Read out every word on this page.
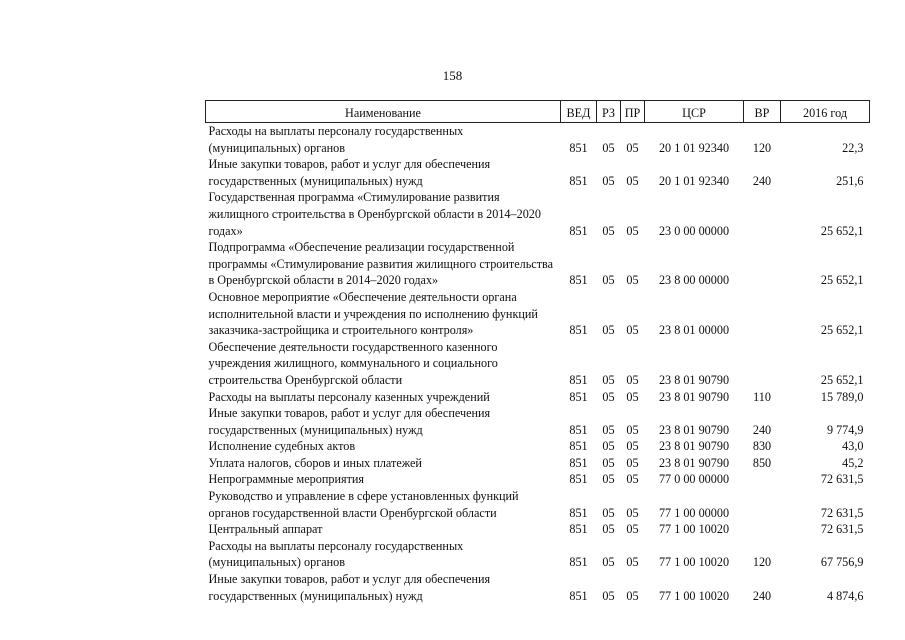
158
Наименование	ВЕД	РЗ	ПР	ЦСР	ВР	2016 год
Расходы на выплаты персоналу государственных (муниципальных) органов	851	05	05	20 1 01 92340	120	22,3
Иные закупки товаров, работ и услуг для обеспечения государственных (муниципальных) нужд	851	05	05	20 1 01 92340	240	251,6
Государственная программа «Стимулирование развития жилищного строительства в Оренбургской области в 2014–2020 годах»	851	05	05	23 0 00 00000		25 652,1
Подпрограмма «Обеспечение реализации государственной программы «Стимулирование развития жилищного строительства в Оренбургской области в 2014–2020 годах»	851	05	05	23 8 00 00000		25 652,1
Основное мероприятие «Обеспечение деятельности органа исполнительной власти и учреждения по исполнению функций заказчика-застройщика и строительного контроля»	851	05	05	23 8 01 00000		25 652,1
Обеспечение деятельности государственного казенного учреждения жилищного, коммунального и социального строительства Оренбургской области	851	05	05	23 8 01 90790		25 652,1
Расходы на выплаты персоналу казенных учреждений	851	05	05	23 8 01 90790	110	15 789,0
Иные закупки товаров, работ и услуг для обеспечения государственных (муниципальных) нужд	851	05	05	23 8 01 90790	240	9 774,9
Исполнение судебных актов	851	05	05	23 8 01 90790	830	43,0
Уплата налогов, сборов и иных платежей	851	05	05	23 8 01 90790	850	45,2
Непрограммные мероприятия	851	05	05	77 0 00 00000		72 631,5
Руководство и управление в сфере установленных функций органов государственной власти Оренбургской области	851	05	05	77 1 00 00000		72 631,5
Центральный аппарат	851	05	05	77 1 00 10020		72 631,5
Расходы на выплаты персоналу государственных (муниципальных) органов	851	05	05	77 1 00 10020	120	67 756,9
Иные закупки товаров, работ и услуг для обеспечения государственных (муниципальных) нужд	851	05	05	77 1 00 10020	240	4 874,6
